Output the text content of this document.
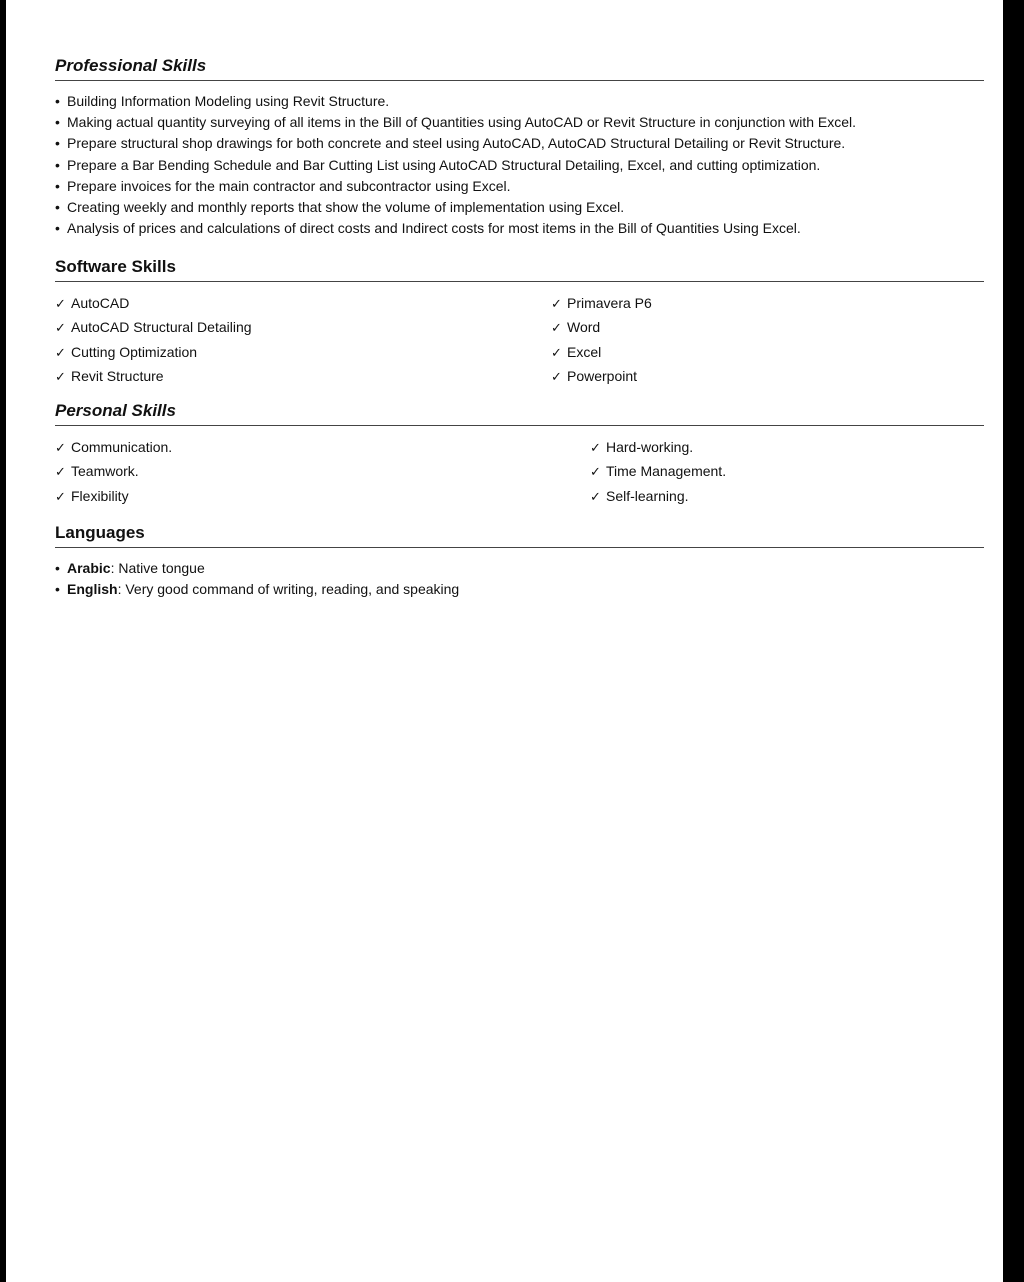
Professional Skills
• Building Information Modeling using Revit Structure.
• Making actual quantity surveying of all items in the Bill of Quantities using AutoCAD or Revit Structure in conjunction with Excel.
• Prepare structural shop drawings for both concrete and steel using AutoCAD, AutoCAD Structural Detailing or Revit Structure.
• Prepare a Bar Bending Schedule and Bar Cutting List using AutoCAD Structural Detailing, Excel, and cutting optimization.
• Prepare invoices for the main contractor and subcontractor using Excel.
• Creating weekly and monthly reports that show the volume of implementation using Excel.
• Analysis of prices and calculations of direct costs and Indirect costs for most items in the Bill of Quantities Using Excel.
Software Skills
✓ AutoCAD
✓ AutoCAD Structural Detailing
✓ Cutting Optimization
✓ Revit Structure
✓ Primavera P6
✓ Word
✓ Excel
✓ Powerpoint
Personal Skills
✓ Communication.
✓ Teamwork.
✓ Flexibility
✓ Hard-working.
✓ Time Management.
✓ Self-learning.
Languages
• Arabic: Native tongue
• English: Very good command of writing, reading, and speaking
